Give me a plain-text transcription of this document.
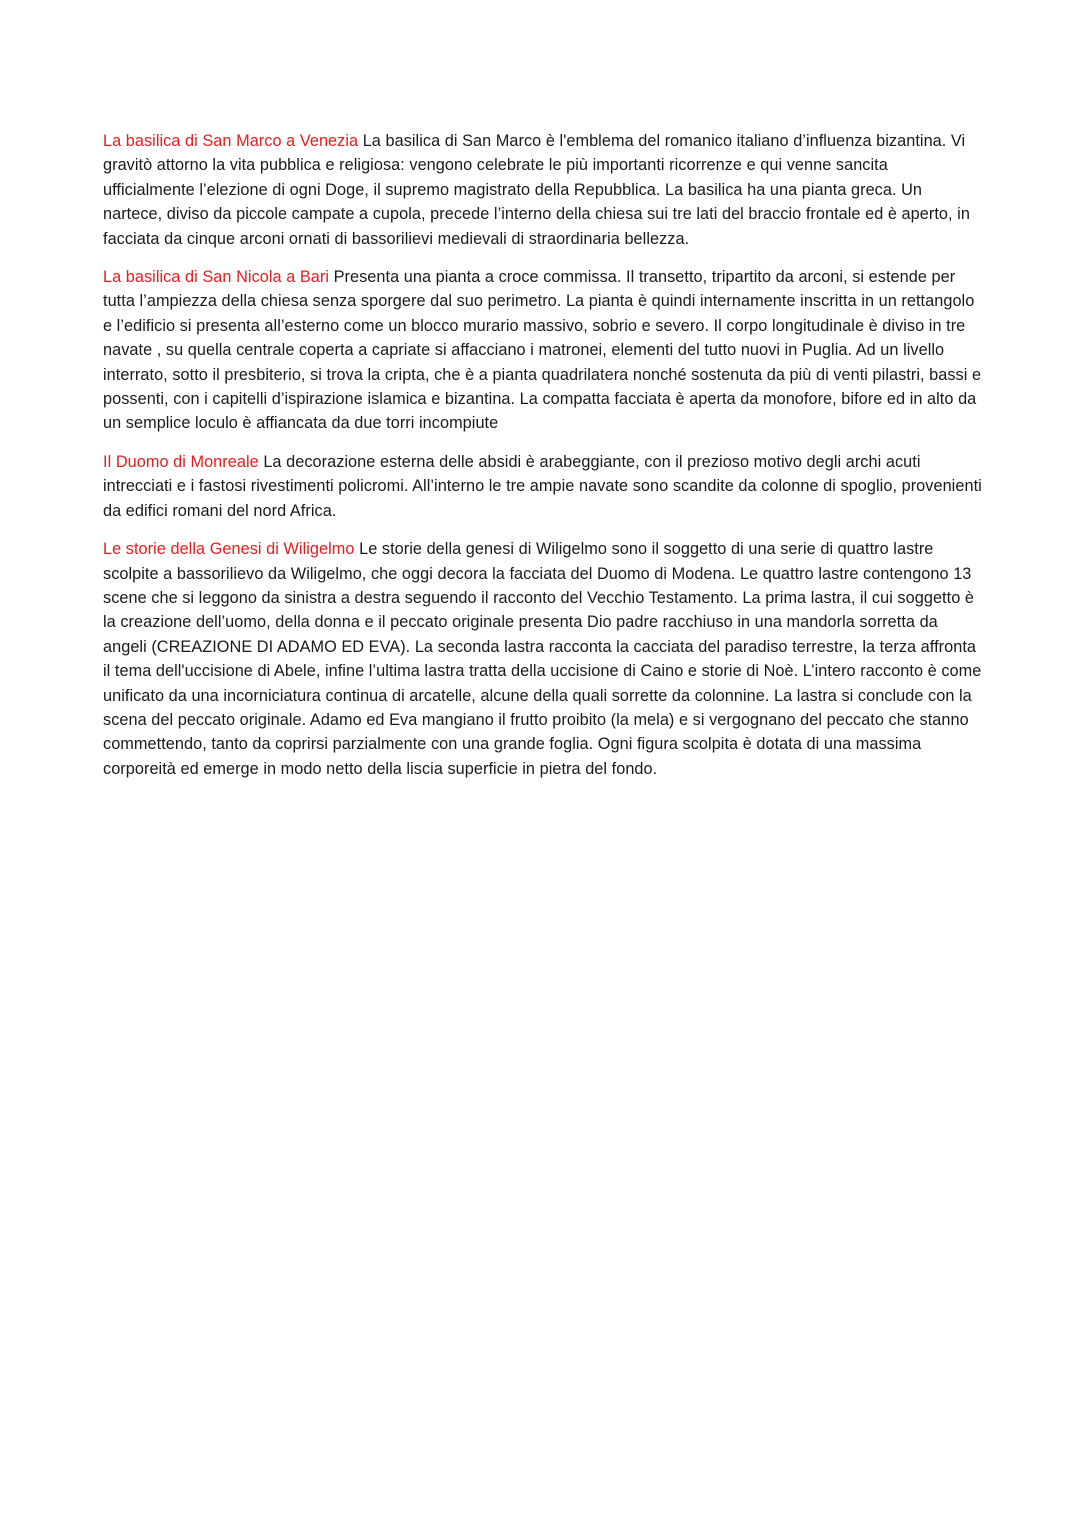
La basilica di San Marco a Venezia La basilica di San Marco è l'emblema del romanico italiano d’influenza bizantina. Vi gravitò attorno la vita pubblica e religiosa: vengono celebrate le più importanti ricorrenze e qui venne sancita ufficialmente l’elezione di ogni Doge, il supremo magistrato della Repubblica. La basilica ha una pianta greca. Un nartece, diviso da piccole campate a cupola, precede l’interno della chiesa sui tre lati del braccio frontale ed è aperto, in facciata da cinque arconi ornati di bassorilievi medievali di straordinaria bellezza.

La basilica di San Nicola a Bari Presenta una pianta a croce commissa. Il transetto, tripartito da arconi, si estende per tutta l’ampiezza della chiesa senza sporgere dal suo perimetro. La pianta è quindi internamente inscritta in un rettangolo e l’edificio si presenta all’esterno come un blocco murario massivo, sobrio e severo. Il corpo longitudinale è diviso in tre navate , su quella centrale coperta a capriate si affacciano i matronei, elementi del tutto nuovi in Puglia. Ad un livello interrato, sotto il presbiterio, si trova la cripta, che è a pianta quadrilatera nonché sostenuta da più di venti pilastri, bassi e possenti, con i capitelli d’ispirazione islamica e bizantina. La compatta facciata è aperta da monofore, bifore ed in alto da un semplice loculo è affiancata da due torri incompiute

Il Duomo di Monreale La decorazione esterna delle absidi è arabeggiante, con il prezioso motivo degli archi acuti intrecciati e i fastosi rivestimenti policromi. All’interno le tre ampie navate sono scandite da colonne di spoglio, provenienti da edifici romani del nord Africa.

Le storie della Genesi di Wiligelmo Le storie della genesi di Wiligelmo sono il soggetto di una serie di quattro lastre scolpite a bassorilievo da Wiligelmo, che oggi decora la facciata del Duomo di Modena. Le quattro lastre contengono 13 scene che si leggono da sinistra a destra seguendo il racconto del Vecchio Testamento. La prima lastra, il cui soggetto è la creazione dell’uomo, della donna e il peccato originale presenta Dio padre racchiuso in una mandorla sorretta da angeli (CREAZIONE DI ADAMO ED EVA). La seconda lastra racconta la cacciata del paradiso terrestre, la terza affronta il tema dell'uccisione di Abele, infine l’ultima lastra tratta della uccisione di Caino e storie di Noè. L’intero racconto è come unificato da una incorniciatura continua di arcatelle, alcune della quali sorrette da colonnine. La lastra si conclude con la scena del peccato originale. Adamo ed Eva mangiano il frutto proibito (la mela) e si vergognano del peccato che stanno commettendo, tanto da coprirsi parzialmente con una grande foglia. Ogni figura scolpita è dotata di una massima corporeità ed emerge in modo netto della liscia superficie in pietra del fondo.
